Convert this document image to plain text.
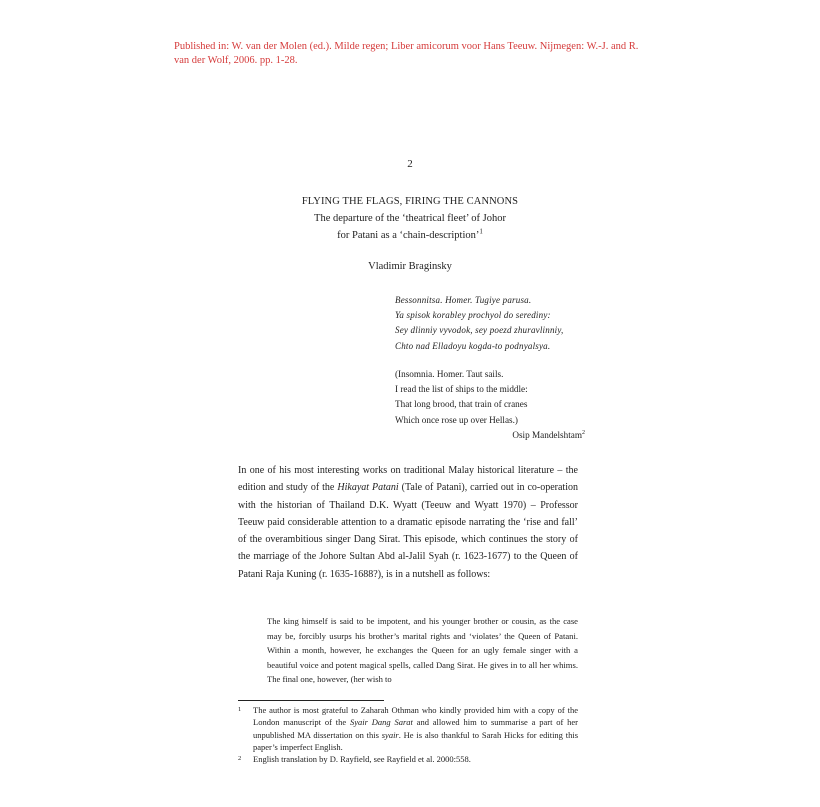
Published in: W. van der Molen (ed.). Milde regen; Liber amicorum voor Hans Teeuw. Nijmegen: W.-J. and R. van der Wolf, 2006. pp. 1-28.
2
FLYING THE FLAGS, FIRING THE CANNONS
The departure of the ‘theatrical fleet’ of Johor
for Patani as a ‘chain-description’$^1$
Vladimir Braginsky
Bessonnitsa. Homer. Tugiye parusa.
Ya spisok korabley prochyol do serediny:
Sey dlinniy vyvodok, sey poezd zhuravlinniy,
Chto nad Elladoyu kogda-to podnyalsya.
(Insomnia. Homer. Taut sails.
I read the list of ships to the middle:
That long brood, that train of cranes
Which once rose up over Hellas.)
Osip Mandelshtam$^2$
In one of his most interesting works on traditional Malay historical literature – the edition and study of the Hikayat Patani (Tale of Patani), carried out in co-operation with the historian of Thailand D.K. Wyatt (Teeuw and Wyatt 1970) – Professor Teeuw paid considerable attention to a dramatic episode narrating the ‘rise and fall’ of the overambitious singer Dang Sirat. This episode, which continues the story of the marriage of the Johore Sultan Abd al-Jalil Syah (r. 1623-1677) to the Queen of Patani Raja Kuning (r. 1635-1688?), is in a nutshell as follows:
The king himself is said to be impotent, and his younger brother or cousin, as the case may be, forcibly usurps his brother’s marital rights and ‘violates’ the Queen of Patani. Within a month, however, he exchanges the Queen for an ugly female singer with a beautiful voice and potent magical spells, called Dang Sirat. He gives in to all her whims. The final one, however, (her wish to
1	The author is most grateful to Zaharah Othman who kindly provided him with a copy of the London manuscript of the Syair Dang Sarat and allowed him to summarise a part of her unpublished MA dissertation on this syair. He is also thankful to Sarah Hicks for editing this paper’s imperfect English.
2	English translation by D. Rayfield, see Rayfield et al. 2000:558.
